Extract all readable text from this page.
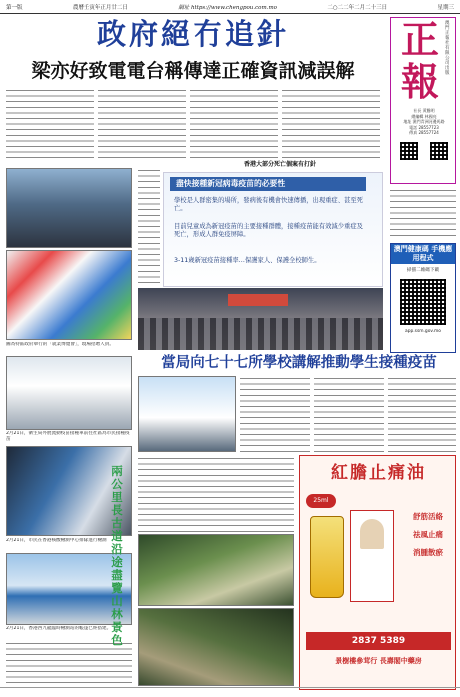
第一版	農曆壬寅年正月廿二日	網址 https://www.chengpou.com.mo	二○二二年二月二十三日	星期三
政府絕冇追針
梁亦好致電電台稱傳達正確資訊減誤解
正
報
澳門正報社有限公司出版
社長 黃騰明
總編輯 林國亮
地址 澳門青洲河邊馬路
電話 28557723
傳真 28557724
香港大部分死亡個案有打針
圖為特區政府舉行的「就業博覽會」，現場招聘人員。
2月21日，衛生局外展流動疫苗接種車前往社區為市民接種疫苗
2月21日，市民在香港核酸檢測中心排隊進行檢測
2月21日，香港西九龍臨時檢測站的帳篷已經搭建。
盡快接種新冠病毒疫苗的必要性
學校是人群密集的場所，發病後有機會快速傳播，出現重症、甚至死亡。
目前兒童成為新冠疫苗的主要接種群體，接種疫苗能有效減少重症及死亡，形成人群免疫屏障。
3-11歲新冠疫苗接種率…保護家人、保護全校師生。
澳門健康碼 手機應用程式
掃描二維碼下載
app.ssm.gov.mo
當局向七十七所學校講解推動學生接種疫苗
兩公里長古道沿途盡覽山林景色
紅膽止痛油
25ml
舒筋活絡
祛風止痛
消腫散瘀
2837 5389
景樹樓參茸行 長壽閣中藥房
